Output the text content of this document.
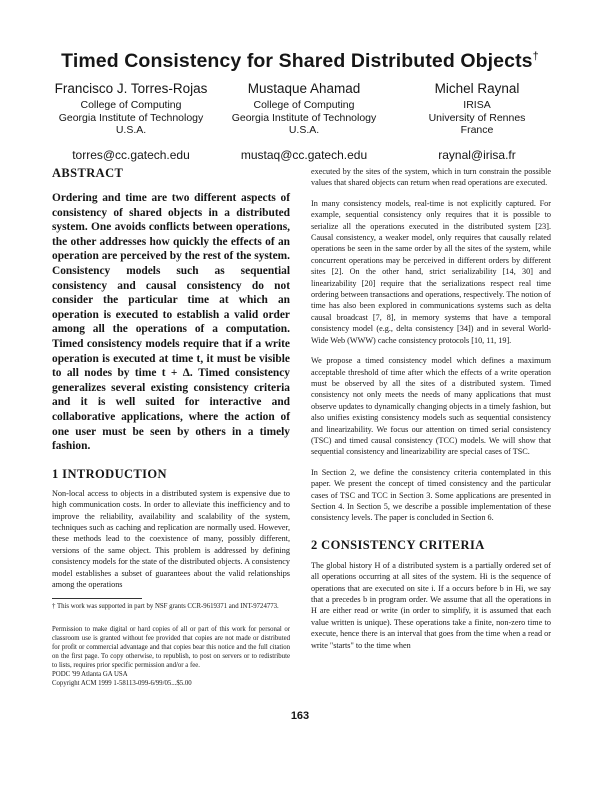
Timed Consistency for Shared Distributed Objects†
Francisco J. Torres-Rojas
College of Computing
Georgia Institute of Technology
U.S.A.
torres@cc.gatech.edu
Mustaque Ahamad
College of Computing
Georgia Institute of Technology
U.S.A.
mustaq@cc.gatech.edu
Michel Raynal
IRISA
University of Rennes
France
raynal@irisa.fr
ABSTRACT

Ordering and time are two different aspects of consistency of shared objects in a distributed system. One avoids conflicts between operations, the other addresses how quickly the effects of an operation are perceived by the rest of the system. Consistency models such as sequential consistency and causal consistency do not consider the particular time at which an operation is executed to establish a valid order among all the operations of a computation. Timed consistency models require that if a write operation is executed at time t, it must be visible to all nodes by time t + Δ. Timed consistency generalizes several existing consistency criteria and it is well suited for interactive and collaborative applications, where the action of one user must be seen by others in a timely fashion.

1 INTRODUCTION

Non-local access to objects in a distributed system is expensive due to high communication costs. In order to alleviate this inefficiency and to improve the reliability, availability and scalability of the system, techniques such as caching and replication are normally used. However, these methods lead to the coexistence of many, possibly different, versions of the same object. This problem is addressed by defining consistency models for the state of the distributed objects. A consistency model establishes a subset of guarantees about the valid relationships among the operations

† This work was supported in part by NSF grants CCR-9619371 and INT-9724773.

Permission to make digital or hard copies of all or part of this work for personal or classroom use is granted without fee provided that copies are not made or distributed for profit or commercial advantage and that copies bear this notice and the full citation on the first page. To copy otherwise, to republish, to post on servers or to redistribute to lists, requires prior specific permission and/or a fee.

PODC '99 Atlanta GA USA

Copyright ACM 1999 1-58113-099-6/99/05...$5.00

executed by the sites of the system, which in turn constrain the possible values that shared objects can return when read operations are executed.

In many consistency models, real-time is not explicitly captured. For example, sequential consistency only requires that it is possible to serialize all the operations executed in the distributed system [23]. Causal consistency, a weaker model, only requires that causally related operations be seen in the same order by all the sites of the system, while concurrent operations may be perceived in different orders by different sites [2]. On the other hand, strict serializability [14, 30] and linearizability [20] require that the serializations respect real time ordering between transactions and operations, respectively. The notion of time has also been explored in communications systems such as delta causal broadcast [7, 8], in memory systems that have a temporal consistency model (e.g., delta consistency [34]) and in several World-Wide Web (WWW) cache consistency protocols [10, 11, 19].

We propose a timed consistency model which defines a maximum acceptable threshold of time after which the effects of a write operation must be observed by all the sites of a distributed system. Timed consistency not only meets the needs of many applications that must observe updates to dynamically changing objects in a timely fashion, but also unifies existing consistency models such as sequential consistency and linearizability. We focus our attention on timed serial consistency (TSC) and timed causal consistency (TCC) models. We will show that sequential consistency and linearizability are special cases of TSC.

In Section 2, we define the consistency criteria contemplated in this paper. We present the concept of timed consistency and the particular cases of TSC and TCC in Section 3. Some applications are presented in Section 4. In Section 5, we describe a possible implementation of these consistency levels. The paper is concluded in Section 6.

2 CONSISTENCY CRITERIA

The global history H of a distributed system is a partially ordered set of all operations occurring at all sites of the system. Hi is the sequence of operations that are executed on site i. If a occurs before b in Hi, we say that a precedes b in program order. We assume that all the operations in H are either read or write (in order to simplify, it is assumed that each value written is unique). These operations take a finite, non-zero time to execute, hence there is an interval that goes from the time when a read or write "starts" to the time when

163
